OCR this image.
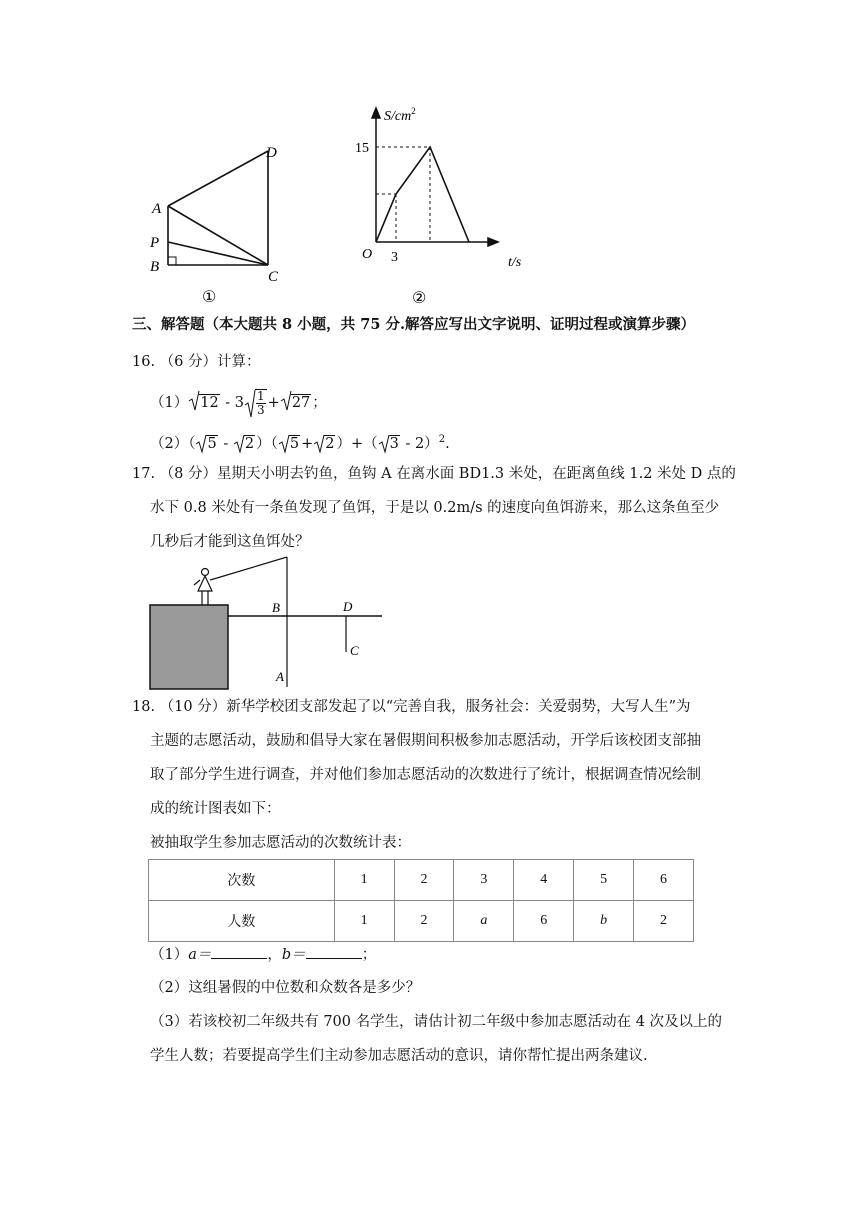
A
P
B
C
D
①
$S/cm^2$
15
O 3	t/s
②
三、解答题（本大题共 8 小题，共 75 分.解答应写出文字说明、证明过程或演算步骤）
16. （6 分）计算：
（1） $12 - 3 \frac{1}{3} + 27$ ；
（2）（ 5 -
2 ）（ 5 + 2 ）+（ 3 - 2）$^2$.
17. （8 分）星期天小明去钓鱼，鱼钩 A 在离水面 BD1.3 米处，在距离鱼线 1.2 米处 D 点的
水下 0.8 米处有一条鱼发现了鱼饵，于是以 0.2m/s 的速度向鱼饵游来，那么这条鱼至少
几秒后才能到这鱼饵处？
B	D
C
A
18. （10 分）新华学校团支部发起了以“完善自我，服务社会：关爱弱势，大写人生”为
主题的志愿活动，鼓励和倡导大家在暑假期间积极参加志愿活动，开学后该校团支部抽
取了部分学生进行调查，并对他们参加志愿活动的次数进行了统计，根据调查情况绘制
成的统计图表如下：
被抽取学生参加志愿活动的次数统计表：
次数	1	2	3	4	5	6
人数	1	2	a	6	b	2
（1）a＝	，b＝	；
（2）这组暑假的中位数和众数各是多少？
（3）若该校初二年级共有 700 名学生，请估计初二年级中参加志愿活动在 4 次及以上的
学生人数；若要提高学生们主动参加志愿活动的意识，请你帮忙提出两条建议.
